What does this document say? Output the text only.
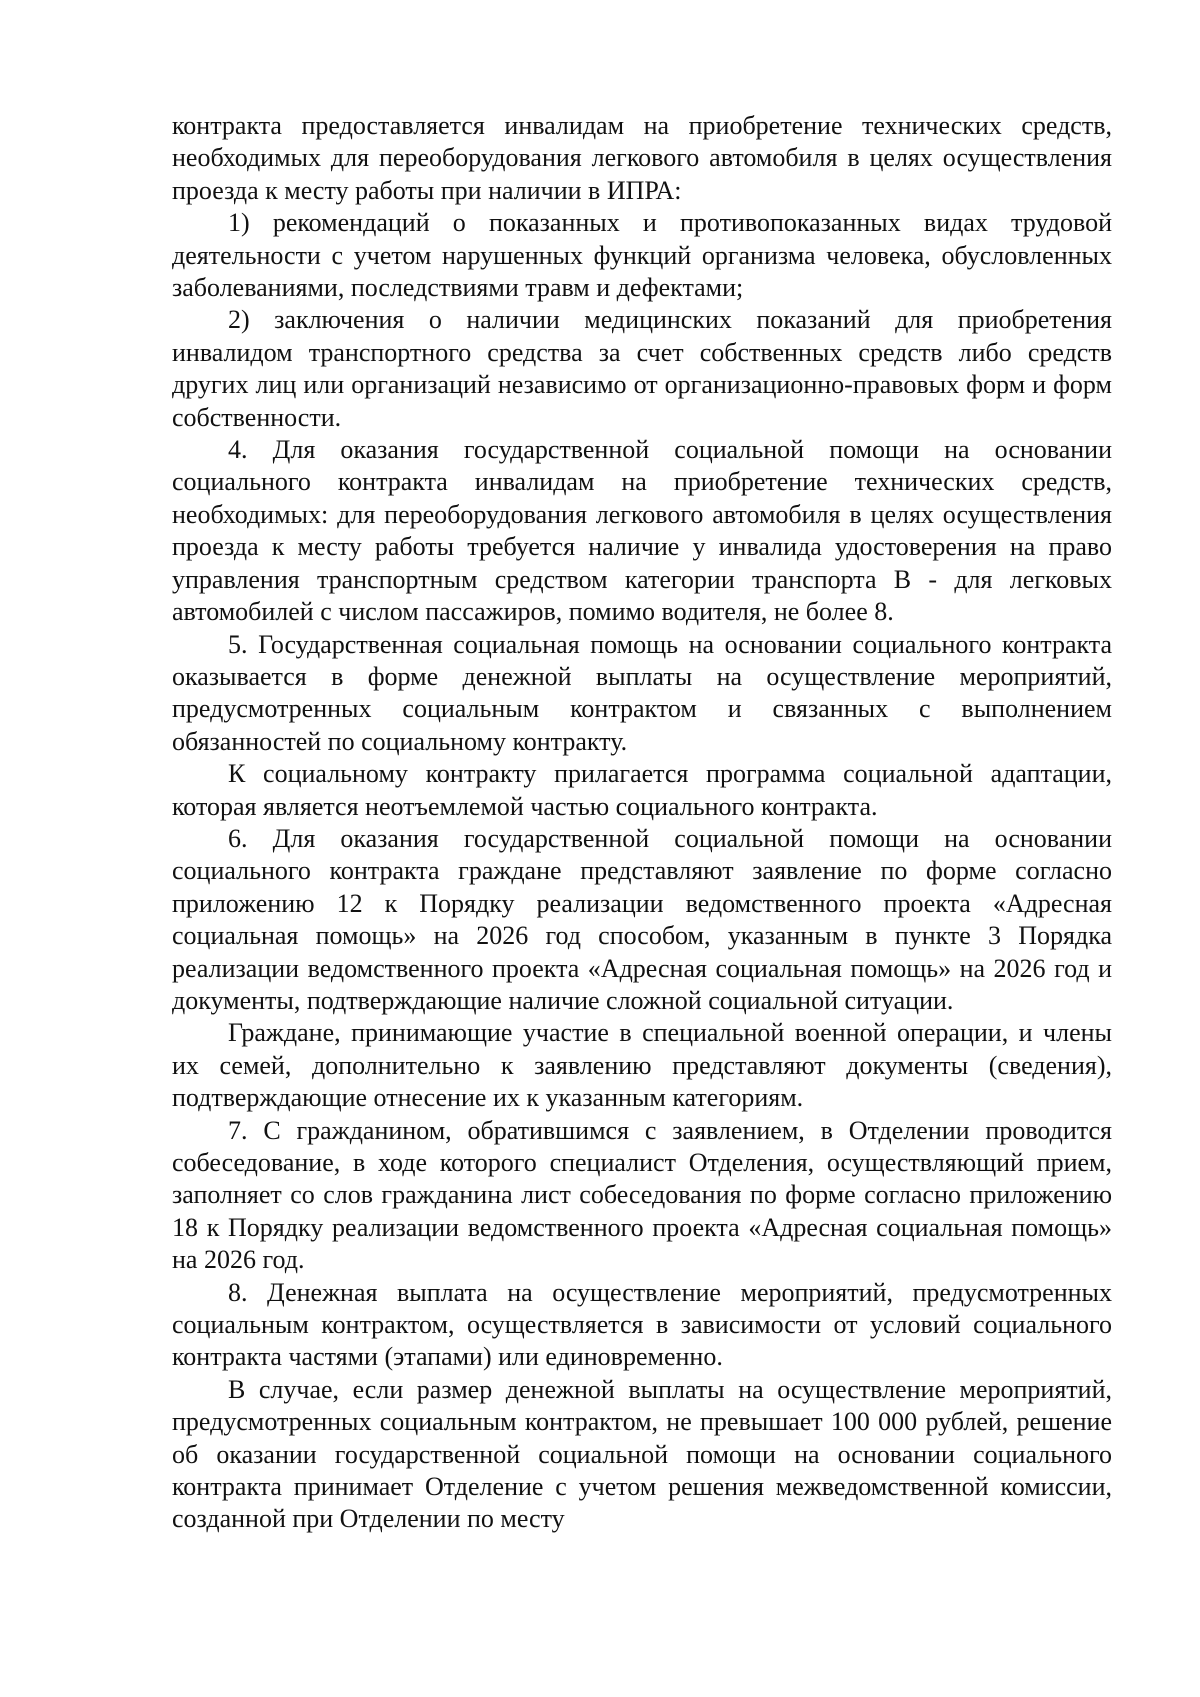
контракта предоставляется инвалидам на приобретение технических средств, необходимых для переоборудования легкового автомобиля в целях осуществления проезда к месту работы при наличии в ИПРА:

1) рекомендаций о показанных и противопоказанных видах трудовой деятельности с учетом нарушенных функций организма человека, обусловленных заболеваниями, последствиями травм и дефектами;

2) заключения о наличии медицинских показаний для приобретения инвалидом транспортного средства за счет собственных средств либо средств других лиц или организаций независимо от организационно-правовых форм и форм собственности.

4. Для оказания государственной социальной помощи на основании социального контракта инвалидам на приобретение технических средств, необходимых: для переоборудования легкового автомобиля в целях осуществления проезда к месту работы требуется наличие у инвалида удостоверения на право управления транспортным средством категории транспорта В - для легковых автомобилей с числом пассажиров, помимо водителя, не более 8.

5. Государственная социальная помощь на основании социального контракта оказывается в форме денежной выплаты на осуществление мероприятий, предусмотренных социальным контрактом и связанных с выполнением обязанностей по социальному контракту.

К социальному контракту прилагается программа социальной адаптации, которая является неотъемлемой частью социального контракта.

6. Для оказания государственной социальной помощи на основании социального контракта граждане представляют заявление по форме согласно приложению 12 к Порядку реализации ведомственного проекта «Адресная социальная помощь» на 2026 год способом, указанным в пункте 3 Порядка реализации ведомственного проекта «Адресная социальная помощь» на 2026 год и документы, подтверждающие наличие сложной социальной ситуации.

Граждане, принимающие участие в специальной военной операции, и члены их семей, дополнительно к заявлению представляют документы (сведения), подтверждающие отнесение их к указанным категориям.

7. С гражданином, обратившимся с заявлением, в Отделении проводится собеседование, в ходе которого специалист Отделения, осуществляющий прием, заполняет со слов гражданина лист собеседования по форме согласно приложению 18 к Порядку реализации ведомственного проекта «Адресная социальная помощь» на 2026 год.

8. Денежная выплата на осуществление мероприятий, предусмотренных социальным контрактом, осуществляется в зависимости от условий социального контракта частями (этапами) или единовременно.

В случае, если размер денежной выплаты на осуществление мероприятий, предусмотренных социальным контрактом, не превышает 100 000 рублей, решение об оказании государственной социальной помощи на основании социального контракта принимает Отделение с учетом решения межведомственной комиссии, созданной при Отделении по месту
